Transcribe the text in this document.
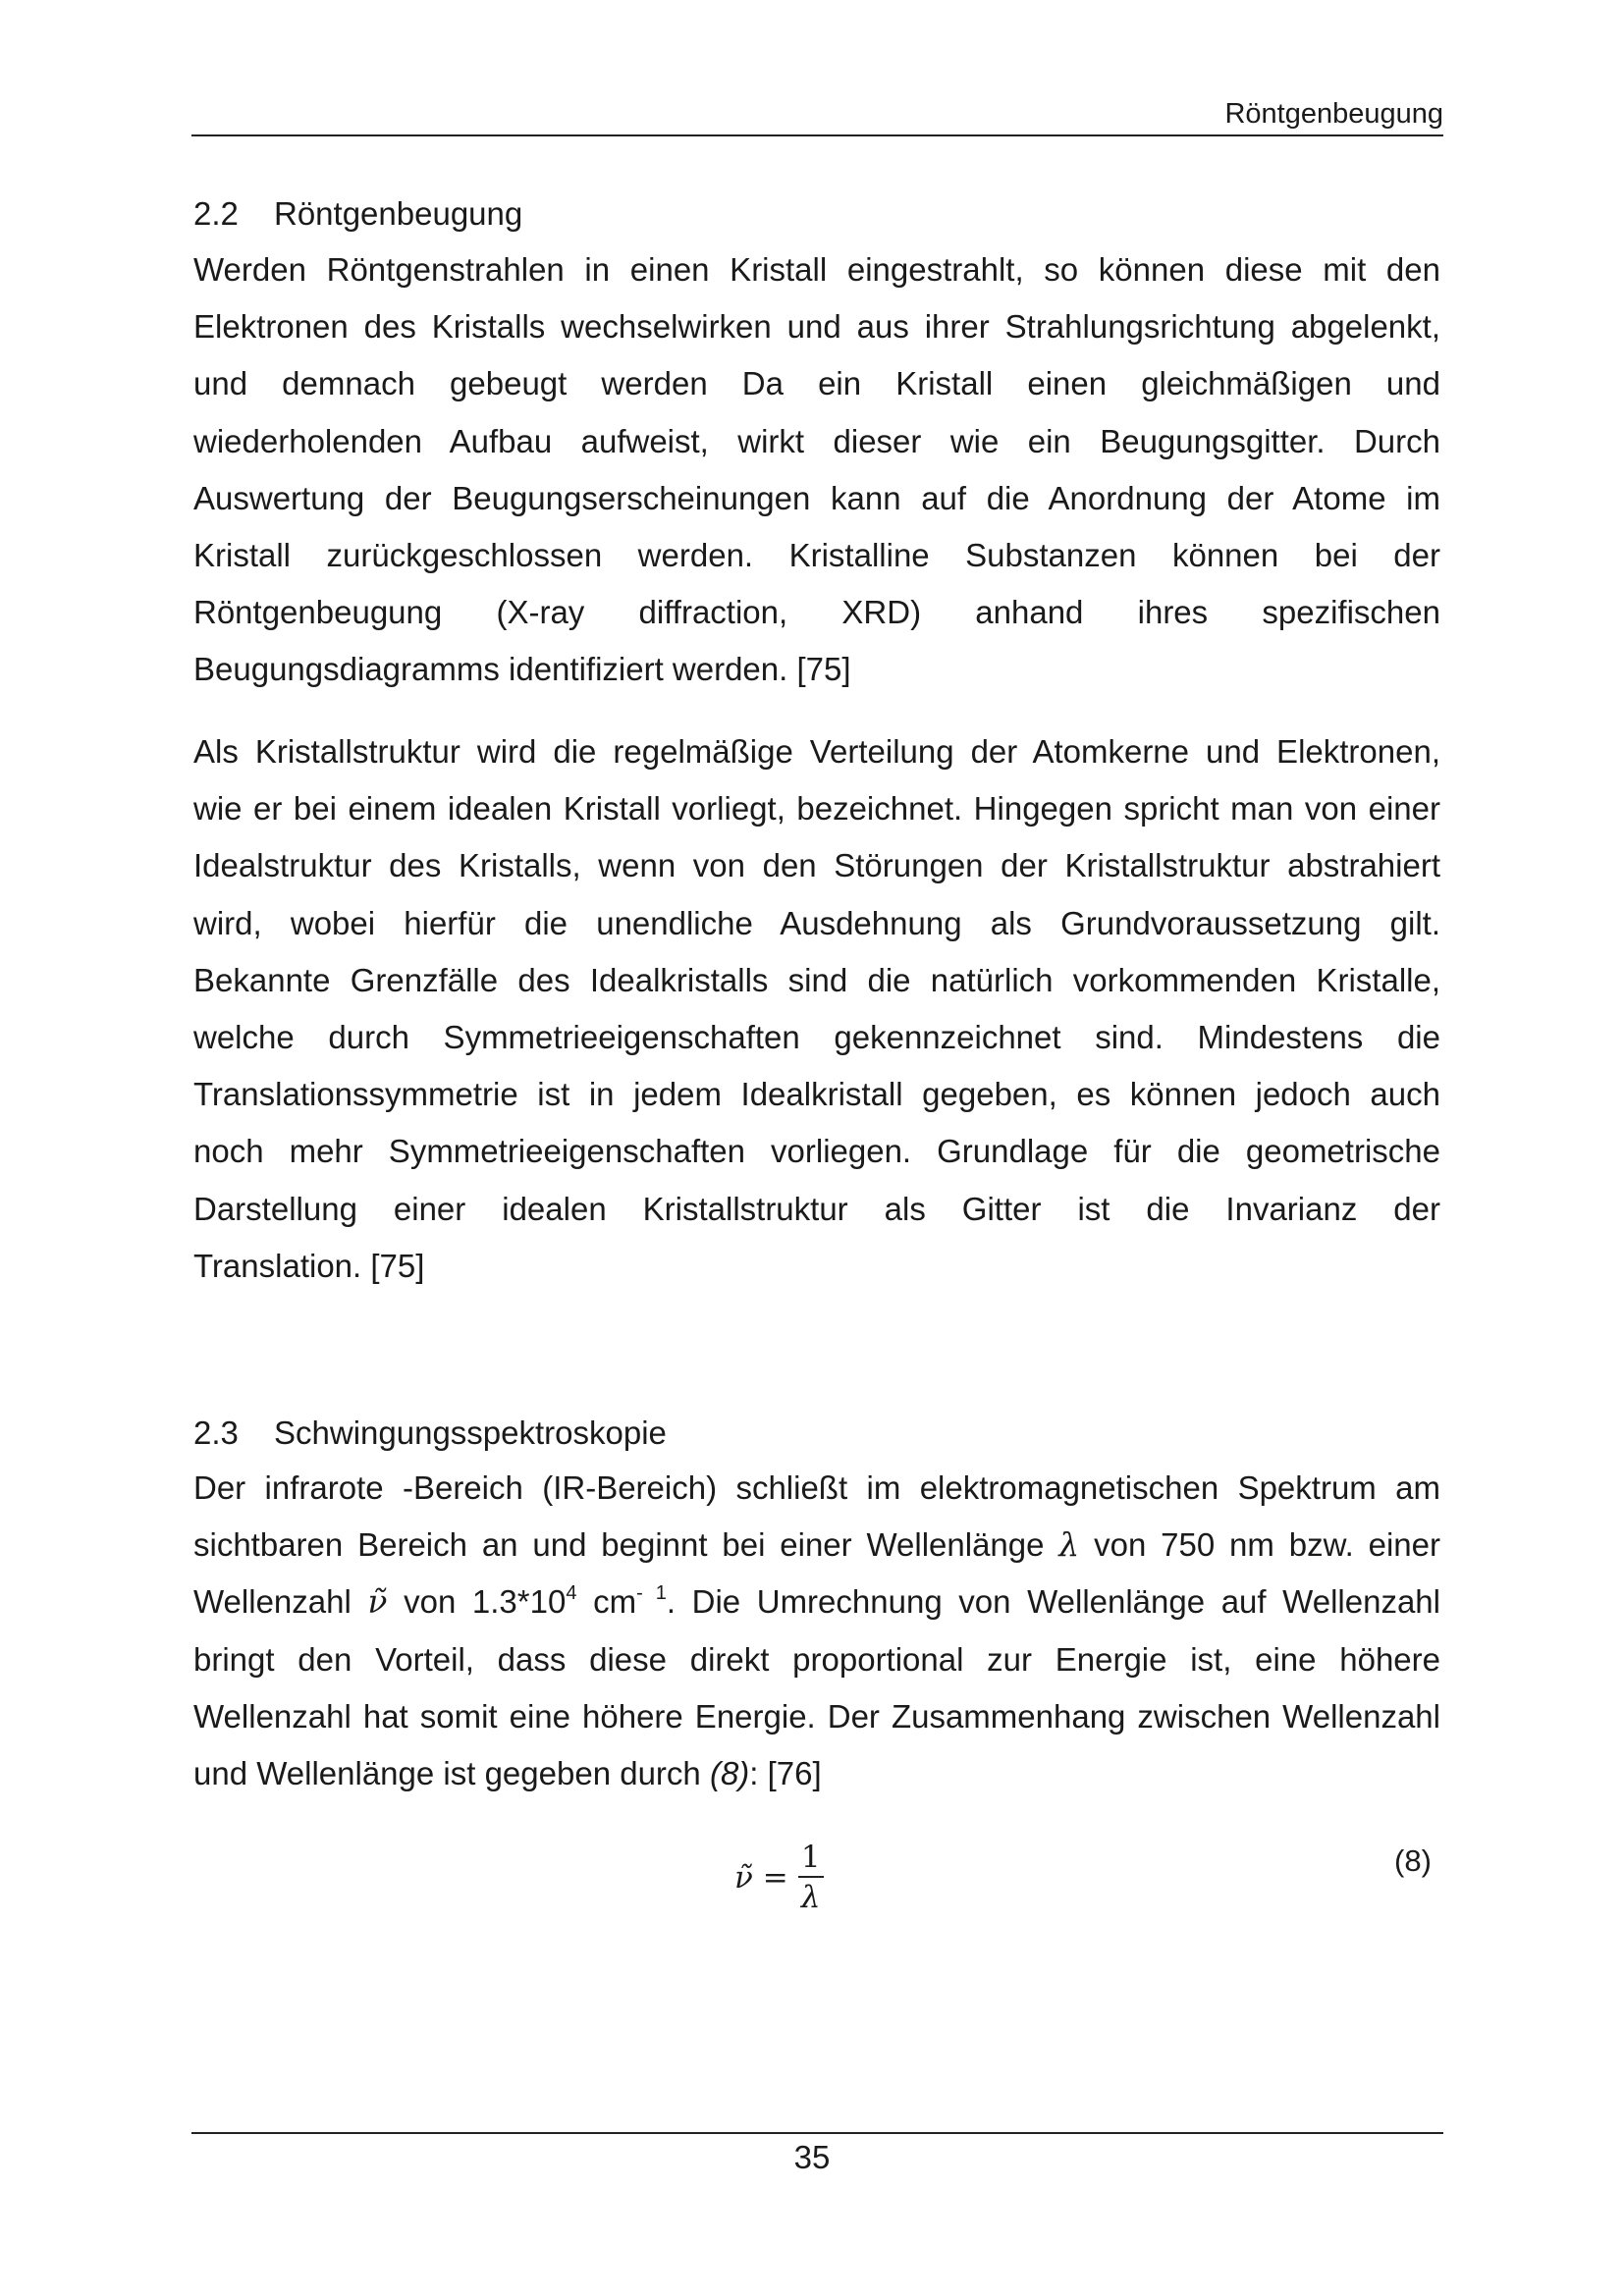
Röntgenbeugung
2.2 Röntgenbeugung

Werden Röntgenstrahlen in einen Kristall eingestrahlt, so können diese mit den
Elektronen des Kristalls wechselwirken und aus ihrer Strahlungsrichtung abgelenkt,
und demnach gebeugt werden Da ein Kristall einen gleichmäßigen und
wiederholenden Aufbau aufweist, wirkt dieser wie ein Beugungsgitter. Durch
Auswertung der Beugungserscheinungen kann auf die Anordnung der Atome im
Kristall zurückgeschlossen werden. Kristalline Substanzen können bei der
Röntgenbeugung (X-ray diffraction, XRD) anhand ihres spezifischen
Beugungsdiagramms identifiziert werden. [75]

Als Kristallstruktur wird die regelmäßige Verteilung der Atomkerne und Elektronen,
wie er bei einem idealen Kristall vorliegt, bezeichnet. Hingegen spricht man von einer
Idealstruktur des Kristalls, wenn von den Störungen der Kristallstruktur abstrahiert
wird, wobei hierfür die unendliche Ausdehnung als Grundvoraussetzung gilt.
Bekannte Grenzfälle des Idealkristalls sind die natürlich vorkommenden Kristalle,
welche durch Symmetrieeigenschaften gekennzeichnet sind. Mindestens die
Translationssymmetrie ist in jedem Idealkristall gegeben, es können jedoch auch
noch mehr Symmetrieeigenschaften vorliegen. Grundlage für die geometrische
Darstellung einer idealen Kristallstruktur als Gitter ist die Invarianz der
Translation. [75]

2.3 Schwingungsspektroskopie

Der infrarote -Bereich (IR-Bereich) schließt im elektromagnetischen Spektrum am
sichtbaren Bereich an und beginnt bei einer Wellenlänge λ von 750 nm bzw. einer
Wellenzahl ν̃ von $1.3*10^4$ $cm^{- 1}$. Die Umrechnung von Wellenlänge auf Wellenzahl
bringt den Vorteil, dass diese direkt proportional zur Energie ist, eine höhere
Wellenzahl hat somit eine höhere Energie. Der Zusammenhang zwischen Wellenzahl
und Wellenlänge ist gegeben durch (8): [76]

ν̃ = $\frac{1}{\lambda}$	(8)
35
